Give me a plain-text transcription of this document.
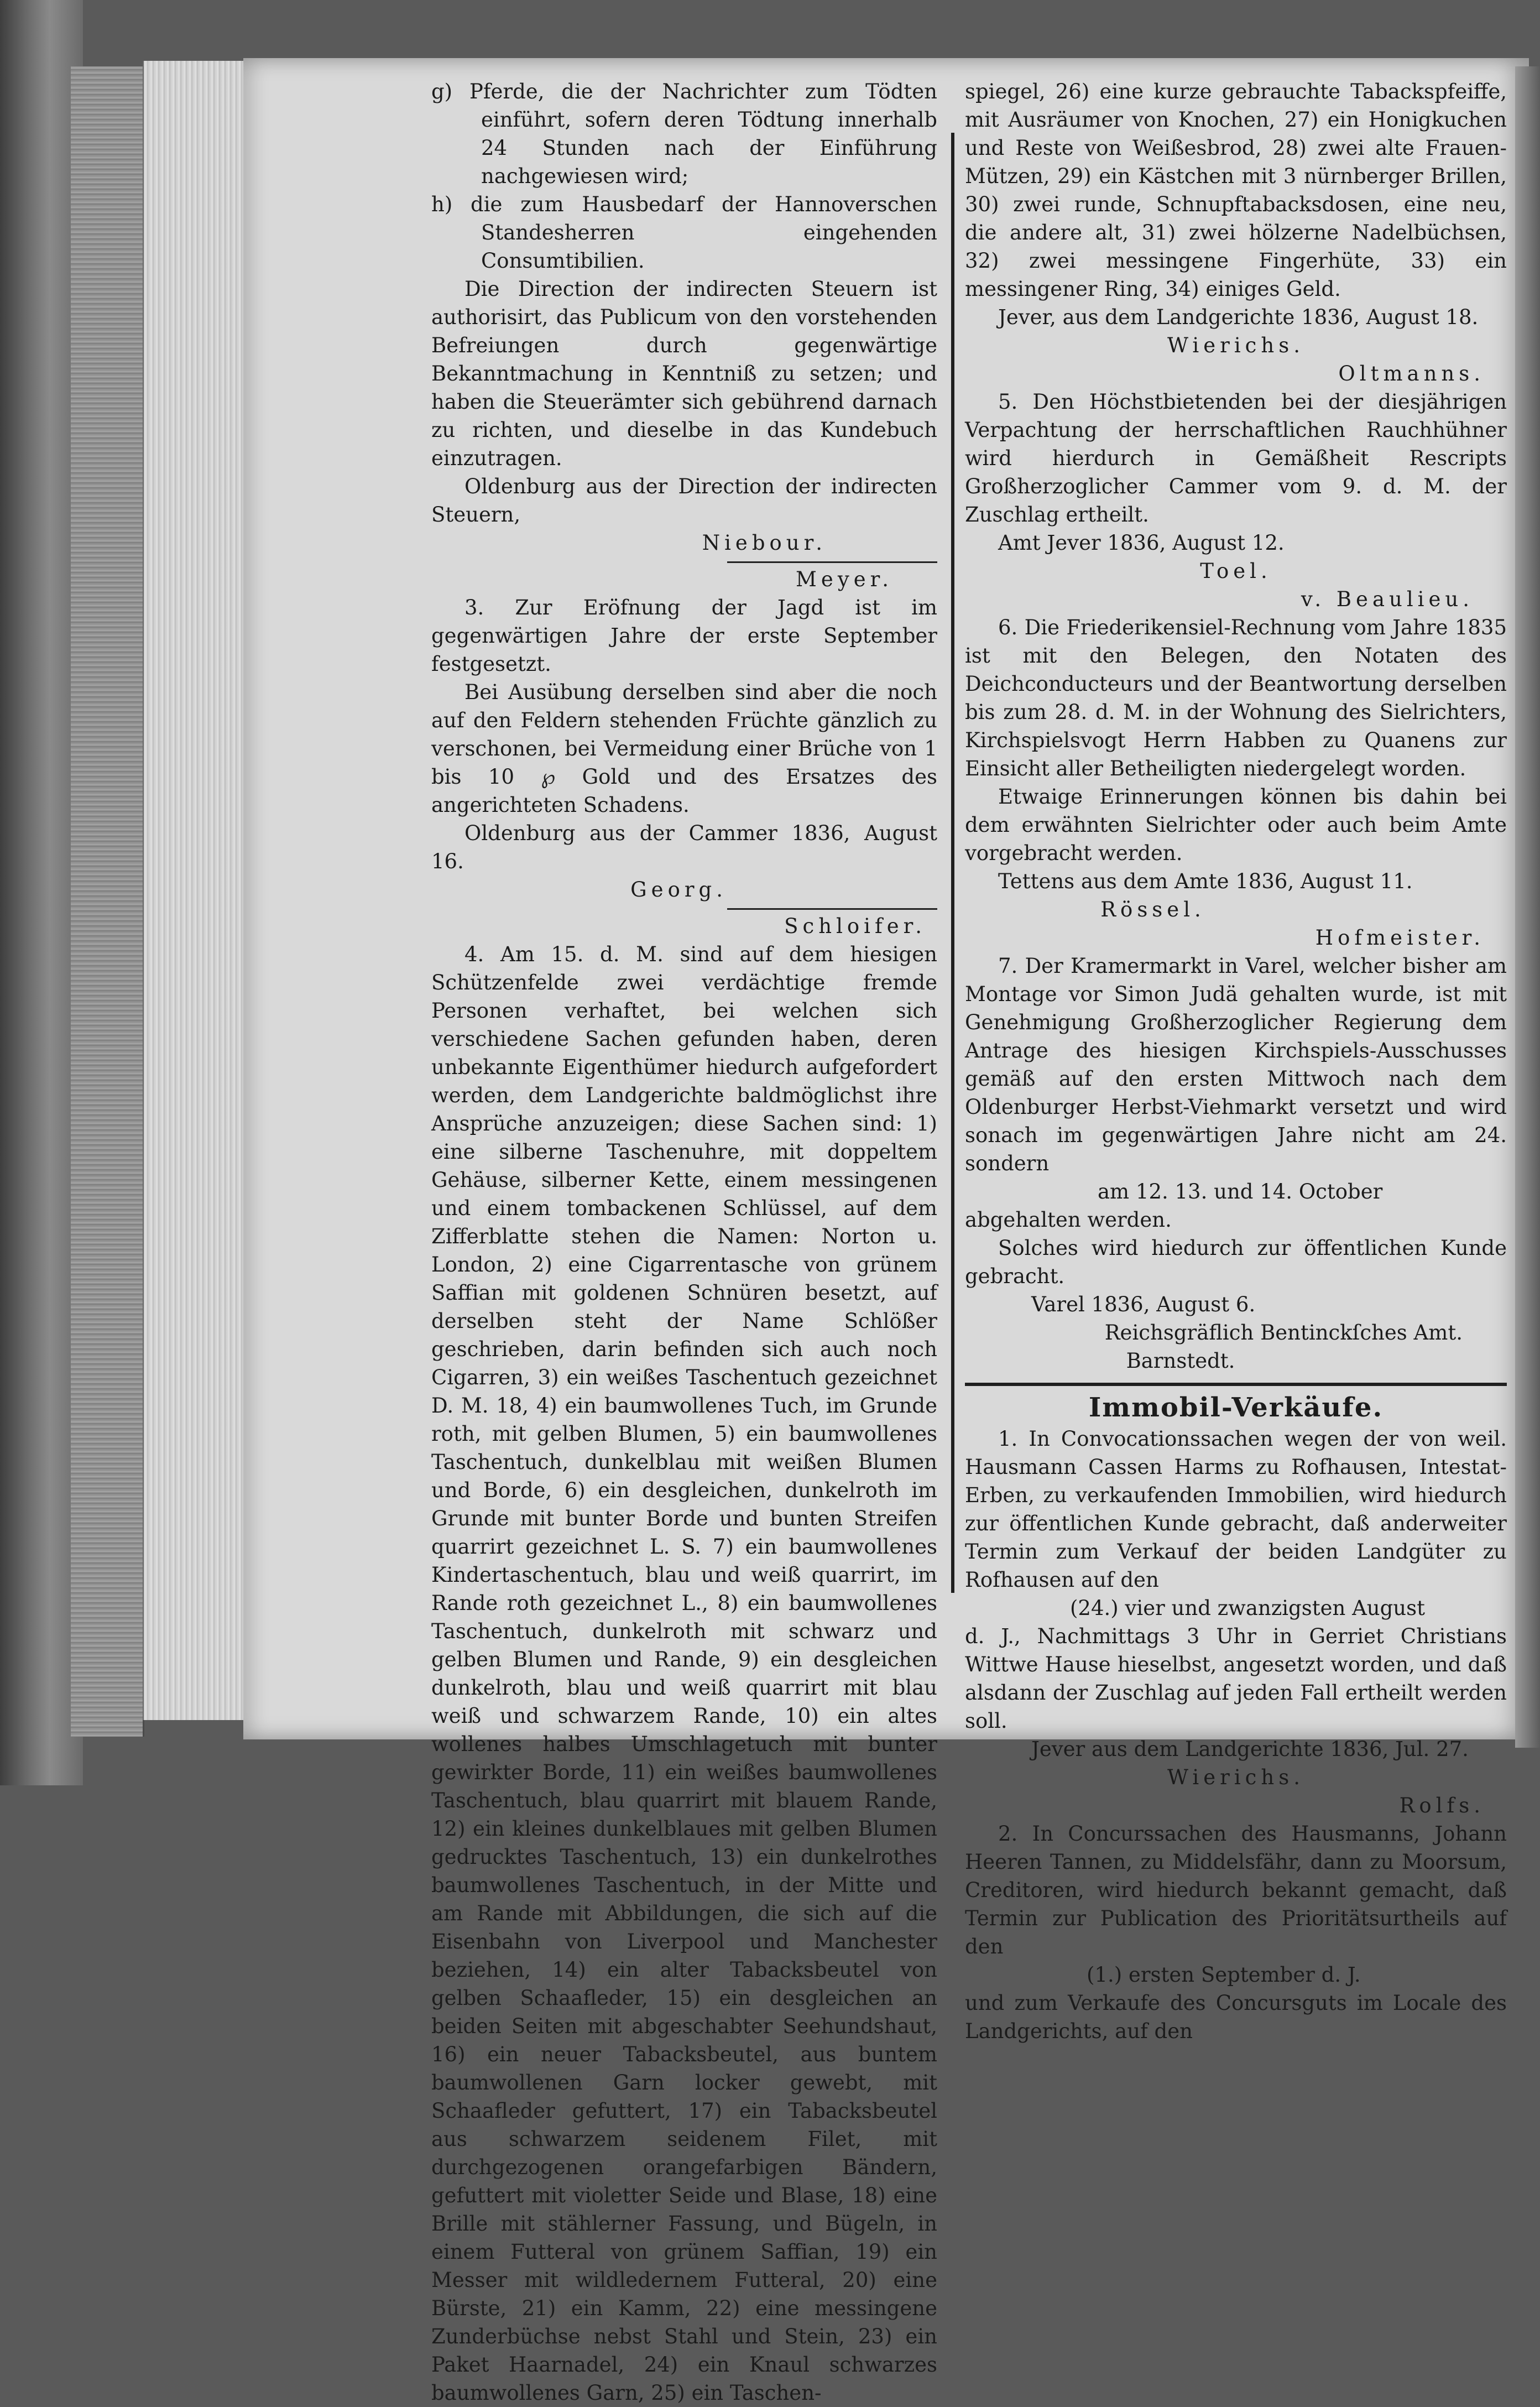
g) Pferde, die der Nachrichter zum Tödten einführt, sofern deren Tödtung innerhalb 24 Stunden nach der Einführung nachgewiesen wird;

h) die zum Hausbedarf der Hannoverschen Standesherren eingehenden Consumtibilien.

Die Direction der indirecten Steuern ist authorisirt, das Publicum von den vorstehenden Befreiungen durch gegenwärtige Bekanntmachung in Kenntniß zu setzen; und haben die Steuerämter sich gebührend darnach zu richten, und dieselbe in das Kundebuch einzutragen.

Oldenburg aus der Direction der indirecten Steuern,

Niebour.

Meyer.

3. Zur Eröfnung der Jagd ist im gegenwärtigen Jahre der erste September festgesetzt.

Bei Ausübung derselben sind aber die noch auf den Feldern stehenden Früchte gänzlich zu verschonen, bei Vermeidung einer Brüche von 1 bis 10 ℘ Gold und des Ersatzes des angerichteten Schadens.

Oldenburg aus der Cammer 1836, August 16.

Georg.

Schloifer.

4. Am 15. d. M. sind auf dem hiesigen Schützenfelde zwei verdächtige fremde Personen verhaftet, bei welchen sich verschiedene Sachen gefunden haben, deren unbekannte Eigenthümer hiedurch aufgefordert werden, dem Landgerichte baldmöglichst ihre Ansprüche anzuzeigen; diese Sachen sind: 1) eine silberne Taschenuhre, mit doppeltem Gehäuse, silberner Kette, einem messingenen und einem tombackenen Schlüssel, auf dem Zifferblatte stehen die Namen: Norton u. London, 2) eine Cigarrentasche von grünem Saffian mit goldenen Schnüren besetzt, auf derselben steht der Name Schlößer geschrieben, darin befinden sich auch noch Cigarren, 3) ein weißes Taschentuch gezeichnet D. M. 18, 4) ein baumwollenes Tuch, im Grunde roth, mit gelben Blumen, 5) ein baumwollenes Taschentuch, dunkelblau mit weißen Blumen und Borde, 6) ein desgleichen, dunkelroth im Grunde mit bunter Borde und bunten Streifen quarrirt gezeichnet L. S. 7) ein baumwollenes Kindertaschentuch, blau und weiß quarrirt, im Rande roth gezeichnet L., 8) ein baumwollenes Taschentuch, dunkelroth mit schwarz und gelben Blumen und Rande, 9) ein desgleichen dunkelroth, blau und weiß quarrirt mit blau weiß und schwarzem Rande, 10) ein altes wollenes halbes Umschlagetuch mit bunter gewirkter Borde, 11) ein weißes baumwollenes Taschentuch, blau quarrirt mit blauem Rande, 12) ein kleines dunkelblaues mit gelben Blumen gedrucktes Taschentuch, 13) ein dunkelrothes baumwollenes Taschentuch, in der Mitte und am Rande mit Abbildungen, die sich auf die Eisenbahn von Liverpool und Manchester beziehen, 14) ein alter Tabacksbeutel von gelben Schaafleder, 15) ein desgleichen an beiden Seiten mit abgeschabter Seehundshaut, 16) ein neuer Tabacksbeutel, aus buntem baumwollenen Garn locker gewebt, mit Schaafleder gefuttert, 17) ein Tabacksbeutel aus schwarzem seidenem Filet, mit durchgezogenen orangefarbigen Bändern, gefuttert mit violetter Seide und Blase, 18) eine Brille mit stählerner Fassung, und Bügeln, in einem Futteral von grünem Saffian, 19) ein Messer mit wildledernem Futteral, 20) eine Bürste, 21) ein Kamm, 22) eine messingene Zunderbüchse nebst Stahl und Stein, 23) ein Paket Haarnadel, 24) ein Knaul schwarzes baumwollenes Garn, 25) ein Taschen-

spiegel, 26) eine kurze gebrauchte Tabackspfeiffe, mit Ausräumer von Knochen, 27) ein Honigkuchen und Reste von Weißesbrod, 28) zwei alte Frauen-Mützen, 29) ein Kästchen mit 3 nürnberger Brillen, 30) zwei runde, Schnupftabacksdosen, eine neu, die andere alt, 31) zwei hölzerne Nadelbüchsen, 32) zwei messingene Fingerhüte, 33) ein messingener Ring, 34) einiges Geld.

Jever, aus dem Landgerichte 1836, August 18.

Wierichs.

Oltmanns.

5. Den Höchstbietenden bei der diesjährigen Verpachtung der herrschaftlichen Rauchhühner wird hierdurch in Gemäßheit Rescripts Großherzoglicher Cammer vom 9. d. M. der Zuschlag ertheilt.

Amt Jever 1836, August 12.

Toel.

v. Beaulieu.

6. Die Friederikensiel-Rechnung vom Jahre 1835 ist mit den Belegen, den Notaten des Deichconducteurs und der Beantwortung derselben bis zum 28. d. M. in der Wohnung des Sielrichters, Kirchspielsvogt Herrn Habben zu Quanens zur Einsicht aller Betheiligten niedergelegt worden.

Etwaige Erinnerungen können bis dahin bei dem erwähnten Sielrichter oder auch beim Amte vorgebracht werden.

Tettens aus dem Amte 1836, August 11.

Rössel.

Hofmeister.

7. Der Kramermarkt in Varel, welcher bisher am Montage vor Simon Judä gehalten wurde, ist mit Genehmigung Großherzoglicher Regierung dem Antrage des hiesigen Kirchspiels-Ausschusses gemäß auf den ersten Mittwoch nach dem Oldenburger Herbst-Viehmarkt versetzt und wird sonach im gegenwärtigen Jahre nicht am 24. sondern

am 12. 13. und 14. October

abgehalten werden.

Solches wird hiedurch zur öffentlichen Kunde gebracht.

Varel 1836, August 6.

Reichsgräflich Bentinckſches Amt.

Barnstedt.

Immobil-Verkäufe.

1. In Convocationssachen wegen der von weil. Hausmann Cassen Harms zu Rofhausen, Intestat-Erben, zu verkaufenden Immobilien, wird hiedurch zur öffentlichen Kunde gebracht, daß anderweiter Termin zum Verkauf der beiden Landgüter zu Rofhausen auf den

(24.) vier und zwanzigsten August

d. J., Nachmittags 3 Uhr in Gerriet Christians Wittwe Hause hieselbst, angesetzt worden, und daß alsdann der Zuschlag auf jeden Fall ertheilt werden soll.

Jever aus dem Landgerichte 1836, Jul. 27.

Wierichs.

Rolfs.

2. In Concurssachen des Hausmanns, Johann Heeren Tannen, zu Middelsfähr, dann zu Moorsum, Creditoren, wird hiedurch bekannt gemacht, daß Termin zur Publication des Prioritätsurtheils auf den

(1.) ersten September d. J.

und zum Verkaufe des Concursguts im Locale des Landgerichts, auf den
